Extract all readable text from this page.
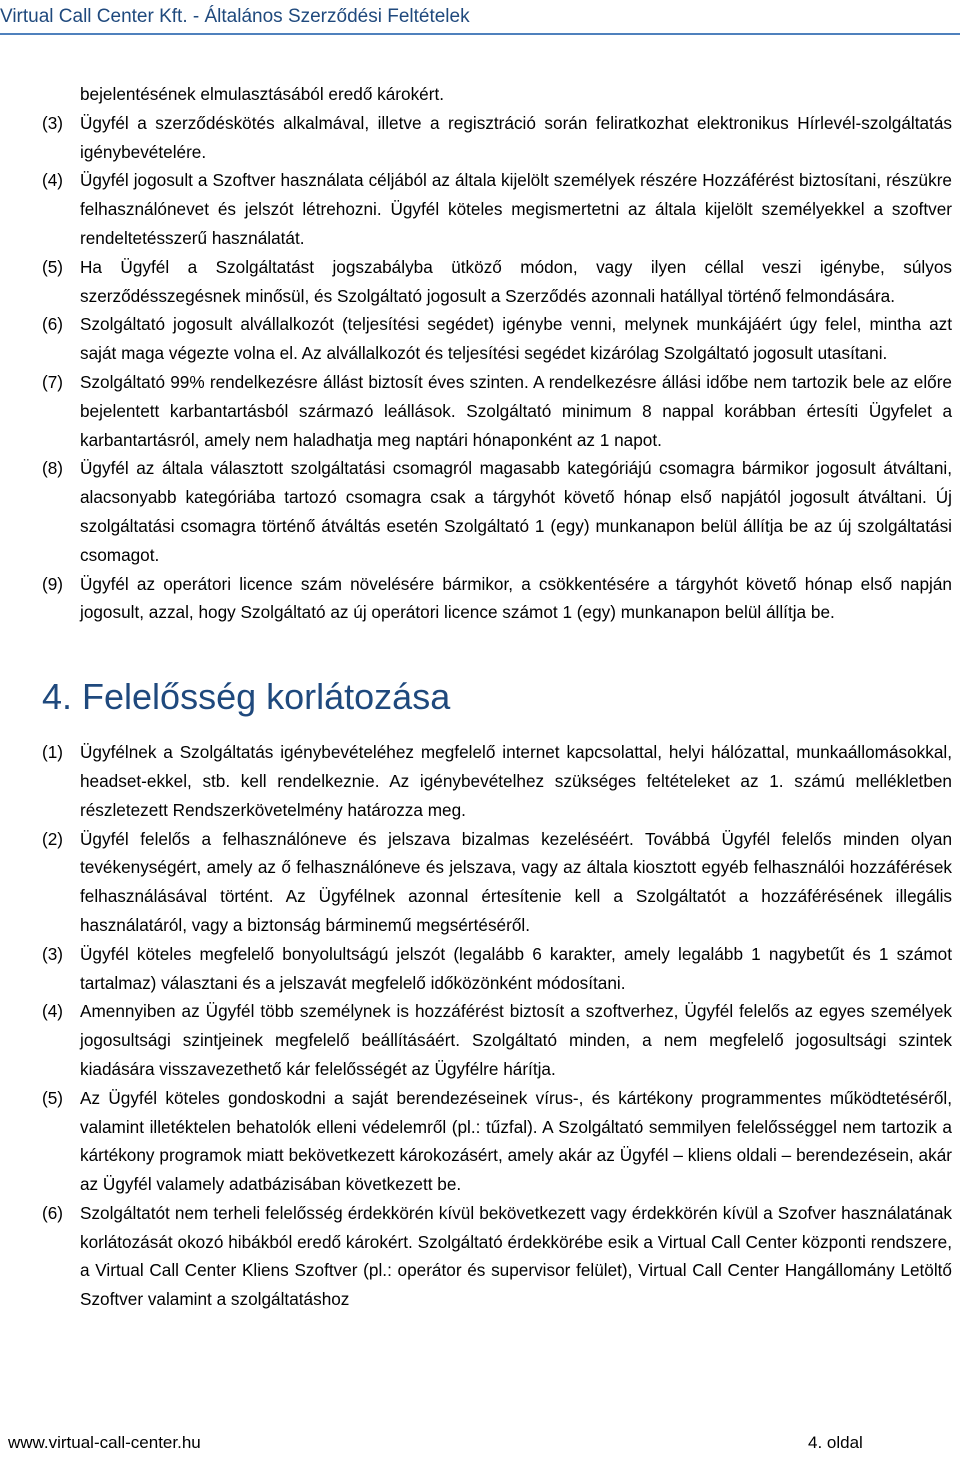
Virtual Call Center Kft. - Általános Szerződési Feltételek
bejelentésének elmulasztásából eredő károkért.
(3) Ügyfél a szerződéskötés alkalmával, illetve a regisztráció során feliratkozhat elektronikus Hírlevél-szolgáltatás igénybevételére.
(4) Ügyfél jogosult a Szoftver használata céljából az általa kijelölt személyek részére Hozzáférést biztosítani, részükre felhasználónevet és jelszót létrehozni. Ügyfél köteles megismertetni az általa kijelölt személyekkel a szoftver rendeltetésszerű használatát.
(5) Ha Ügyfél a Szolgáltatást jogszabályba ütköző módon, vagy ilyen céllal veszi igénybe, súlyos szerződésszegésnek minősül, és Szolgáltató jogosult a Szerződés azonnali hatállyal történő felmondására.
(6) Szolgáltató jogosult alvállalkozót (teljesítési segédet) igénybe venni, melynek munkájáért úgy felel, mintha azt saját maga végezte volna el. Az alvállalkozót és teljesítési segédet kizárólag Szolgáltató jogosult utasítani.
(7) Szolgáltató 99% rendelkezésre állást biztosít éves szinten. A rendelkezésre állási időbe nem tartozik bele az előre bejelentett karbantartásból származó leállások. Szolgáltató minimum 8 nappal korábban értesíti Ügyfelet a karbantartásról, amely nem haladhatja meg naptári hónaponként az 1 napot.
(8) Ügyfél az általa választott szolgáltatási csomagról magasabb kategóriájú csomagra bármikor jogosult átváltani, alacsonyabb kategóriába tartozó csomagra csak a tárgyhót követő hónap első napjától jogosult átváltani. Új szolgáltatási csomagra történő átváltás esetén Szolgáltató 1 (egy) munkanapon belül állítja be az új szolgáltatási csomagot.
(9) Ügyfél az operátori licence szám növelésére bármikor, a csökkentésére a tárgyhót követő hónap első napján jogosult, azzal, hogy Szolgáltató az új operátori licence számot 1 (egy) munkanapon belül állítja be.
4. Felelősség korlátozása
(1) Ügyfélnek a Szolgáltatás igénybevételéhez megfelelő internet kapcsolattal, helyi hálózattal, munkaállomásokkal, headset-ekkel, stb. kell rendelkeznie. Az igénybevételhez szükséges feltételeket az 1. számú mellékletben részletezett Rendszerkövetelmény határozza meg.
(2) Ügyfél felelős a felhasználóneve és jelszava bizalmas kezeléséért. Továbbá Ügyfél felelős minden olyan tevékenységért, amely az ő felhasználóneve és jelszava, vagy az általa kiosztott egyéb felhasználói hozzáférések felhasználásával történt. Az Ügyfélnek azonnal értesítenie kell a Szolgáltatót a hozzáférésének illegális használatáról, vagy a biztonság bárminemű megsértéséről.
(3) Ügyfél köteles megfelelő bonyolultságú jelszót (legalább 6 karakter, amely legalább 1 nagybetűt és 1 számot tartalmaz) választani és a jelszavát megfelelő időközönként módosítani.
(4) Amennyiben az Ügyfél több személynek is hozzáférést biztosít a szoftverhez, Ügyfél felelős az egyes személyek jogosultsági szintjeinek megfelelő beállításáért. Szolgáltató minden, a nem megfelelő jogosultsági szintek kiadására visszavezethető kár felelősségét az Ügyfélre hárítja.
(5) Az Ügyfél köteles gondoskodni a saját berendezéseinek vírus-, és kártékony programmentes működtetéséről, valamint illetéktelen behatolók elleni védelemről (pl.: tűzfal). A Szolgáltató semmilyen felelősséggel nem tartozik a kártékony programok miatt bekövetkezett károkozásért, amely akár az Ügyfél – kliens oldali – berendezésein, akár az Ügyfél valamely adatbázisában következett be.
(6) Szolgáltatót nem terheli felelősség érdekkörén kívül bekövetkezett vagy érdekkörén kívül a Szofver használatának korlátozását okozó hibákból eredő károkért. Szolgáltató érdekkörébe esik a Virtual Call Center központi rendszere, a Virtual Call Center Kliens Szoftver (pl.: operátor és supervisor felület), Virtual Call Center Hangállomány Letöltő Szoftver valamint a szolgáltatáshoz
www.virtual-call-center.hu	4. oldal
